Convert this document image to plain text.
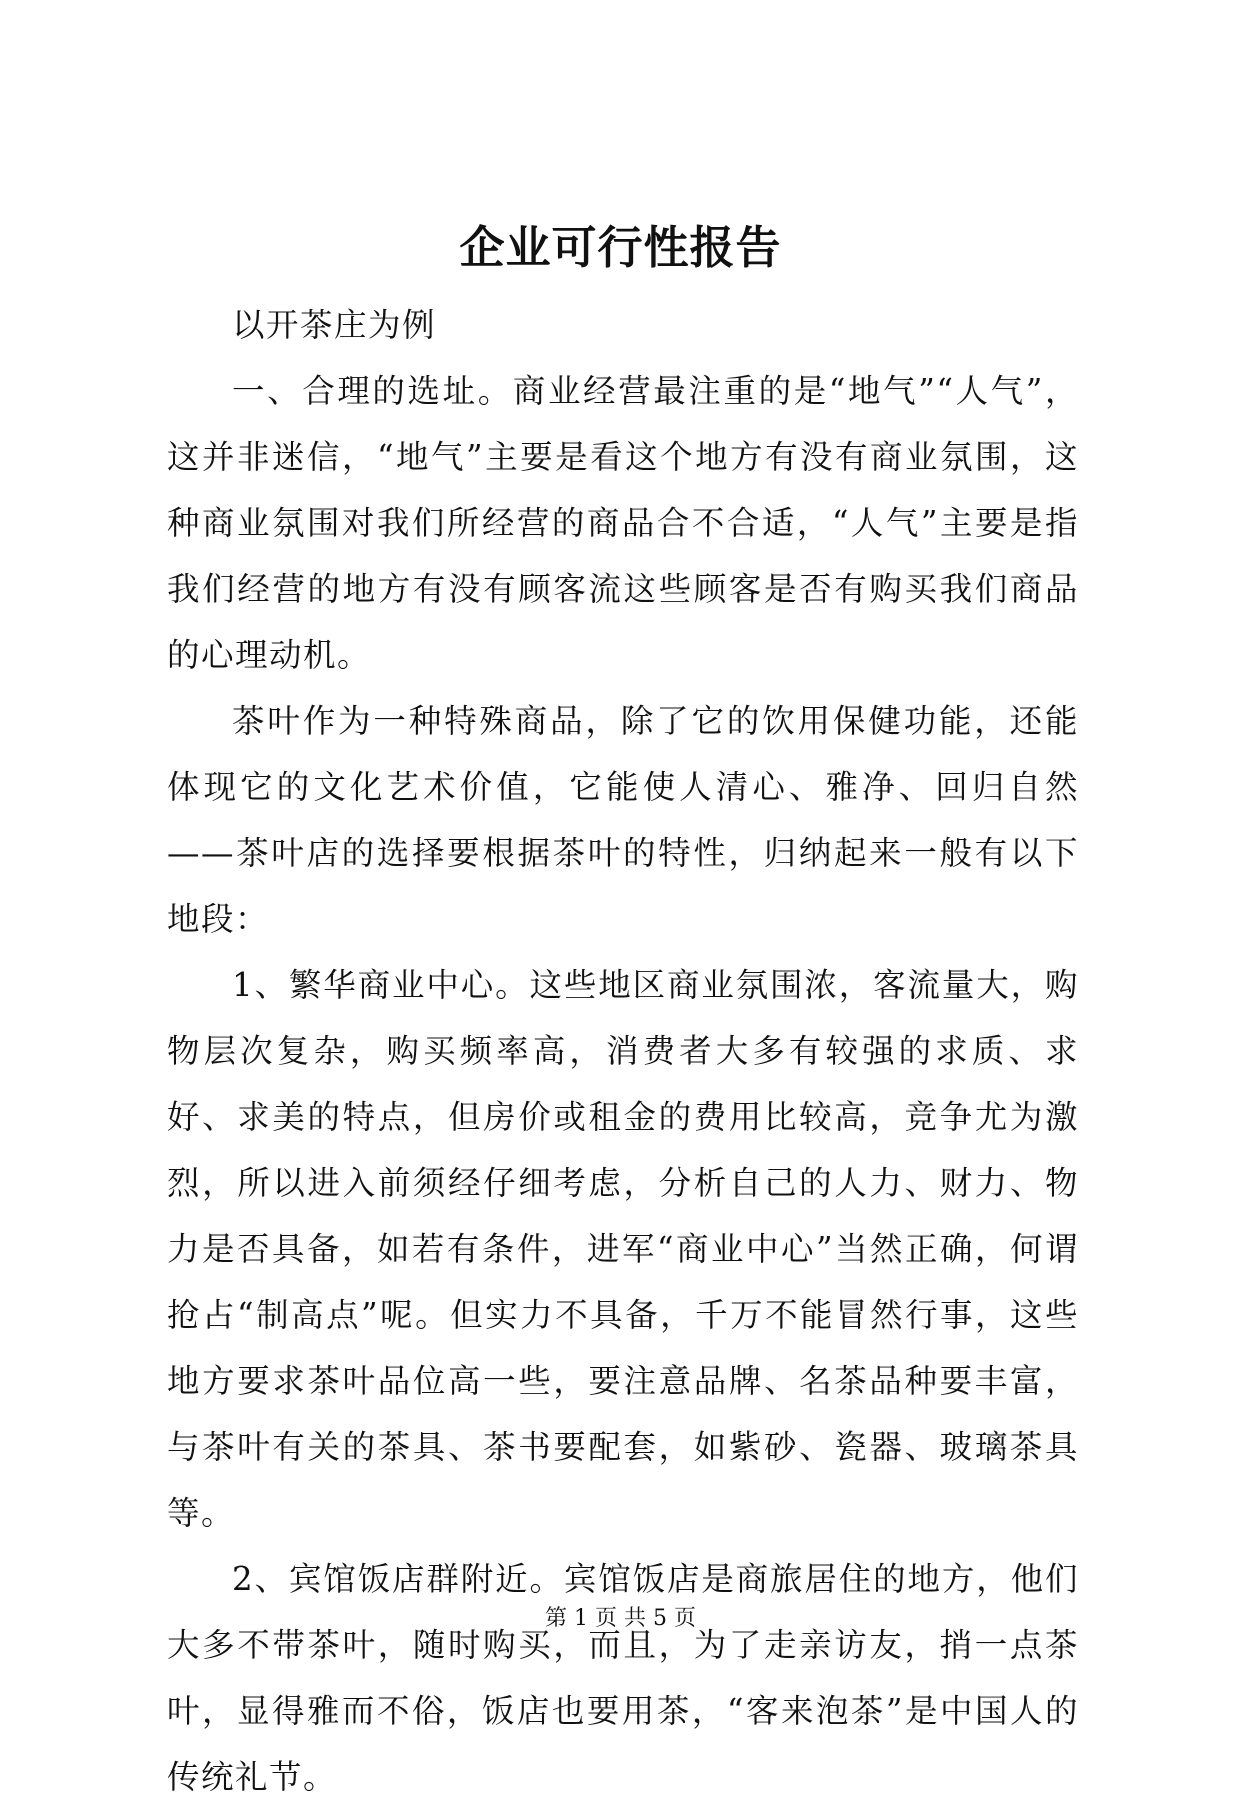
企业可行性报告

以开茶庄为例

一、合理的选址。商业经营最注重的是“地气”“人气”，这并非迷信，“地气”主要是看这个地方有没有商业氛围，这种商业氛围对我们所经营的商品合不合适，“人气”主要是指我们经营的地方有没有顾客流这些顾客是否有购买我们商品的心理动机。

茶叶作为一种特殊商品，除了它的饮用保健功能，还能体现它的文化艺术价值，它能使人清心、雅净、回归自然——茶叶店的选择要根据茶叶的特性，归纳起来一般有以下地段：

1、繁华商业中心。这些地区商业氛围浓，客流量大，购物层次复杂，购买频率高，消费者大多有较强的求质、求好、求美的特点，但房价或租金的费用比较高，竞争尤为激烈，所以进入前须经仔细考虑，分析自己的人力、财力、物力是否具备，如若有条件，进军“商业中心”当然正确，何谓抢占“制高点”呢。但实力不具备，千万不能冒然行事，这些地方要求茶叶品位高一些，要注意品牌、名茶品种要丰富，与茶叶有关的茶具、茶书要配套，如紫砂、瓷器、玻璃茶具等。

2、宾馆饭店群附近。宾馆饭店是商旅居住的地方，他们大多不带茶叶，随时购买，而且，为了走亲访友，捎一点茶叶，显得雅而不俗，饭店也要用茶，“客来泡茶”是中国人的传统礼节。

第 1 页 共 5 页
